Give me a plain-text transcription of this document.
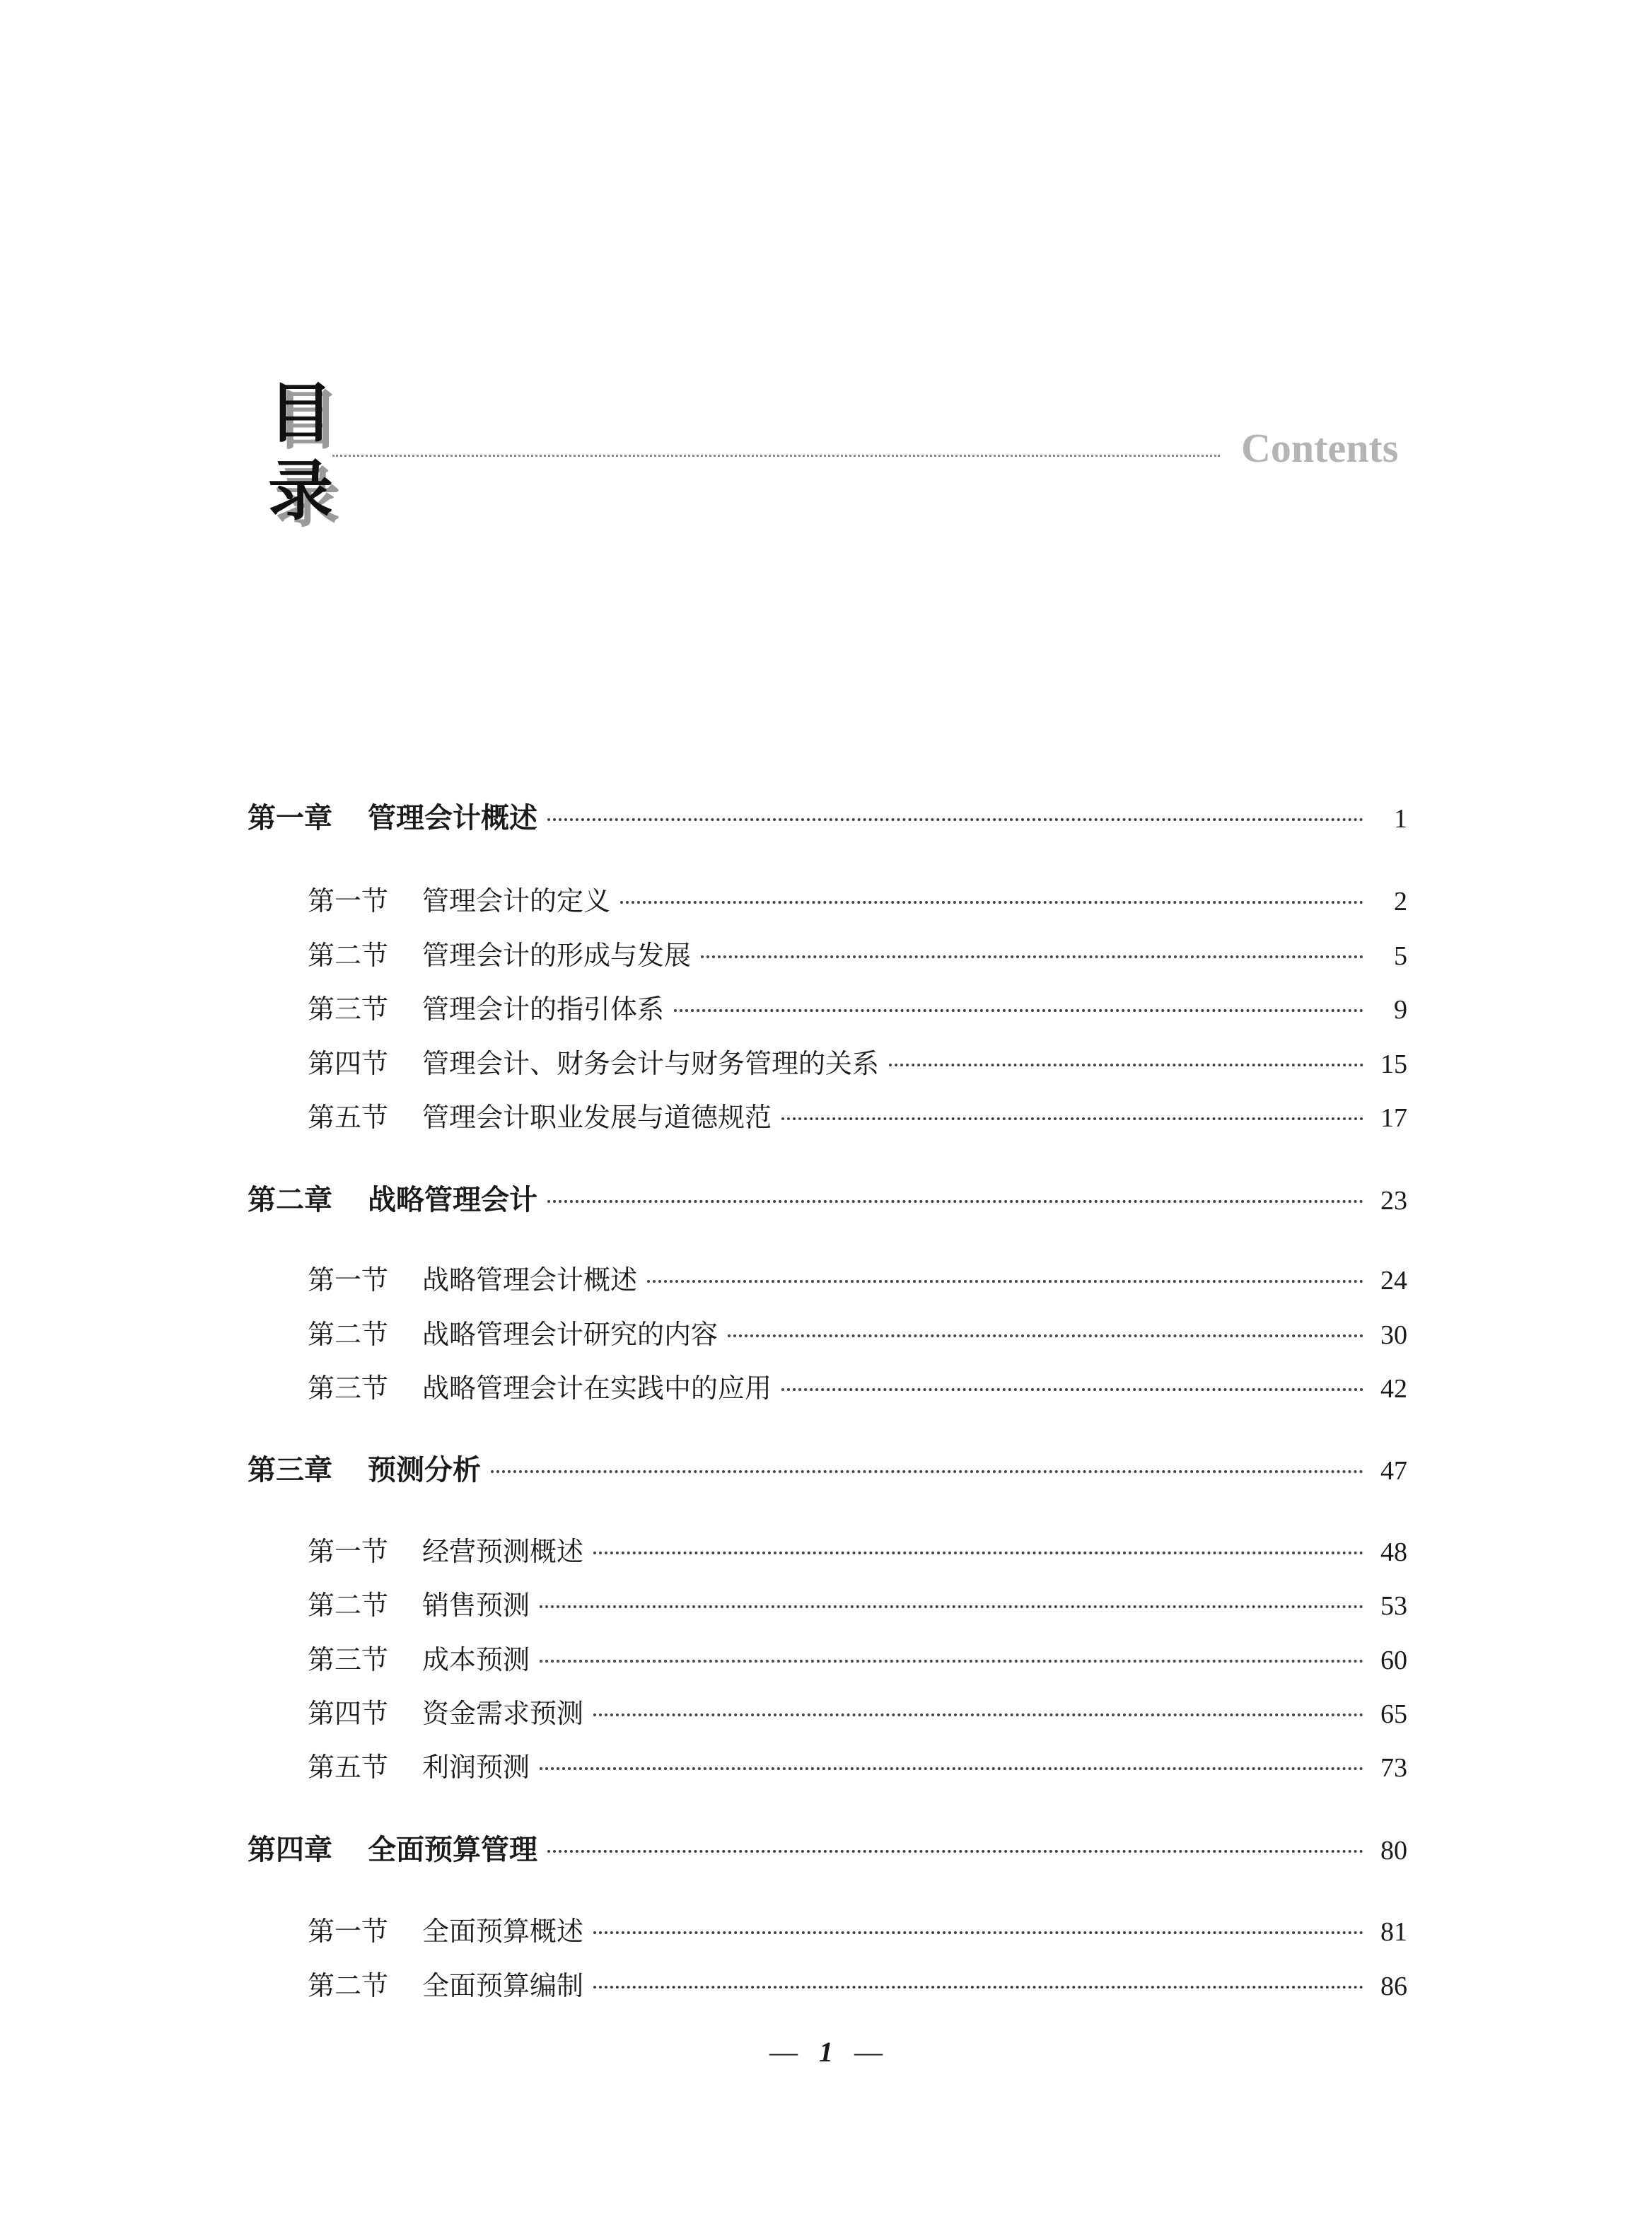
目
录
Contents
第一章 管理会计概述	1
第一节 管理会计的定义	2
第二节 管理会计的形成与发展	5
第三节 管理会计的指引体系	9
第四节 管理会计、财务会计与财务管理的关系	15
第五节 管理会计职业发展与道德规范	17
第二章 战略管理会计	23
第一节 战略管理会计概述	24
第二节 战略管理会计研究的内容	30
第三节 战略管理会计在实践中的应用	42
第三章 预测分析	47
第一节 经营预测概述	48
第二节 销售预测	53
第三节 成本预测	60
第四节 资金需求预测	65
第五节 利润预测	73
第四章 全面预算管理	80
第一节 全面预算概述	81
第二节 全面预算编制	86
— 1 —
